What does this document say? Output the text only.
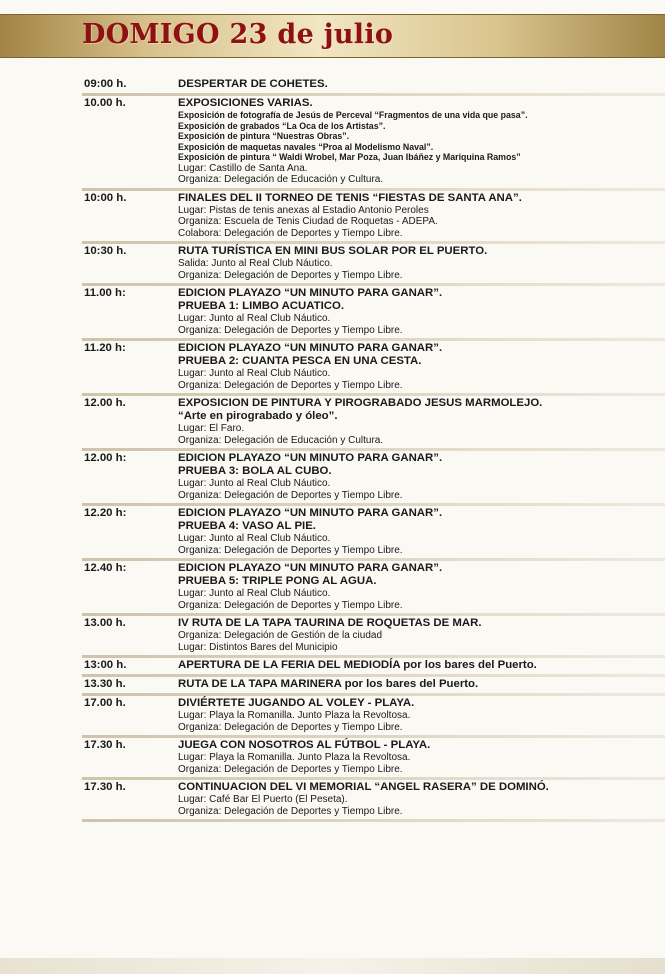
DOMIGO 23 de julio
09:00 h.	DESPERTAR DE COHETES.
10.00 h.	EXPOSICIONES VARIAS.
Exposición de fotografía de Jesús de Perceval “Fragmentos de una vida que pasa”.
Exposición de grabados “La Oca de los Artistas”.
Exposición de pintura “Nuestras Obras”.
Exposición de maquetas navales “Proa al Modelismo Naval”.
Exposición de pintura “ Waldi Wrobel, Mar Poza, Juan Ibáñez y Mariquina Ramos”
Lugar: Castillo de Santa Ana.
Organiza: Delegación de Educación y Cultura.
10:00 h.	FINALES DEL II TORNEO DE TENIS “FIESTAS DE SANTA ANA”.
Lugar: Pistas de tenis anexas al Estadio Antonio Peroles
Organiza: Escuela de Tenis Ciudad de Roquetas - ADEPA.
Colabora: Delegación de Deportes y Tiempo Libre.
10:30 h.	RUTA TURÍSTICA EN MINI BUS SOLAR POR EL PUERTO.
Salida: Junto al Real Club Náutico.
Organiza: Delegación de Deportes y Tiempo Libre.
11.00 h:	EDICION PLAYAZO “UN MINUTO PARA GANAR”.
PRUEBA 1: LIMBO ACUATICO.
Lugar: Junto al Real Club Náutico.
Organiza: Delegación de Deportes y Tiempo Libre.
11.20 h:	EDICION PLAYAZO “UN MINUTO PARA GANAR”.
PRUEBA 2: CUANTA PESCA EN UNA CESTA.
Lugar: Junto al Real Club Náutico.
Organiza: Delegación de Deportes y Tiempo Libre.
12.00 h.	EXPOSICION DE PINTURA Y PIROGRABADO JESUS MARMOLEJO.
“Arte en pirograbado y óleo”.
Lugar: El Faro.
Organiza: Delegación de Educación y Cultura.
12.00 h:	EDICION PLAYAZO “UN MINUTO PARA GANAR”.
PRUEBA 3: BOLA AL CUBO.
Lugar: Junto al Real Club Náutico.
Organiza: Delegación de Deportes y Tiempo Libre.
12.20 h:	EDICION PLAYAZO “UN MINUTO PARA GANAR”.
PRUEBA 4: VASO AL PIE.
Lugar: Junto al Real Club Náutico.
Organiza: Delegación de Deportes y Tiempo Libre.
12.40 h:	EDICION PLAYAZO “UN MINUTO PARA GANAR”.
PRUEBA 5: TRIPLE PONG AL AGUA.
Lugar: Junto al Real Club Náutico.
Organiza: Delegación de Deportes y Tiempo Libre.
13.00 h.	IV RUTA DE LA TAPA TAURINA DE ROQUETAS DE MAR.
Organiza: Delegación de Gestión de la ciudad
Lugar: Distintos Bares del Municipio
13:00 h.	APERTURA DE LA FERIA DEL MEDIODÍA por los bares del Puerto.
13.30 h.	RUTA DE LA TAPA MARINERA por los bares del Puerto.
17.00 h.	DIVIÉRTETE JUGANDO AL VOLEY - PLAYA.
Lugar: Playa la Romanilla. Junto Plaza la Revoltosa.
Organiza: Delegación de Deportes y Tiempo Libre.
17.30 h.	JUEGA CON NOSOTROS AL FÚTBOL - PLAYA.
Lugar: Playa la Romanilla. Junto Plaza la Revoltosa.
Organiza: Delegación de Deportes y Tiempo Libre.
17.30 h.	CONTINUACION DEL VI MEMORIAL “ANGEL RASERA” DE DOMINÓ.
Lugar: Café Bar El Puerto (El Peseta).
Organiza: Delegación de Deportes y Tiempo Libre.
